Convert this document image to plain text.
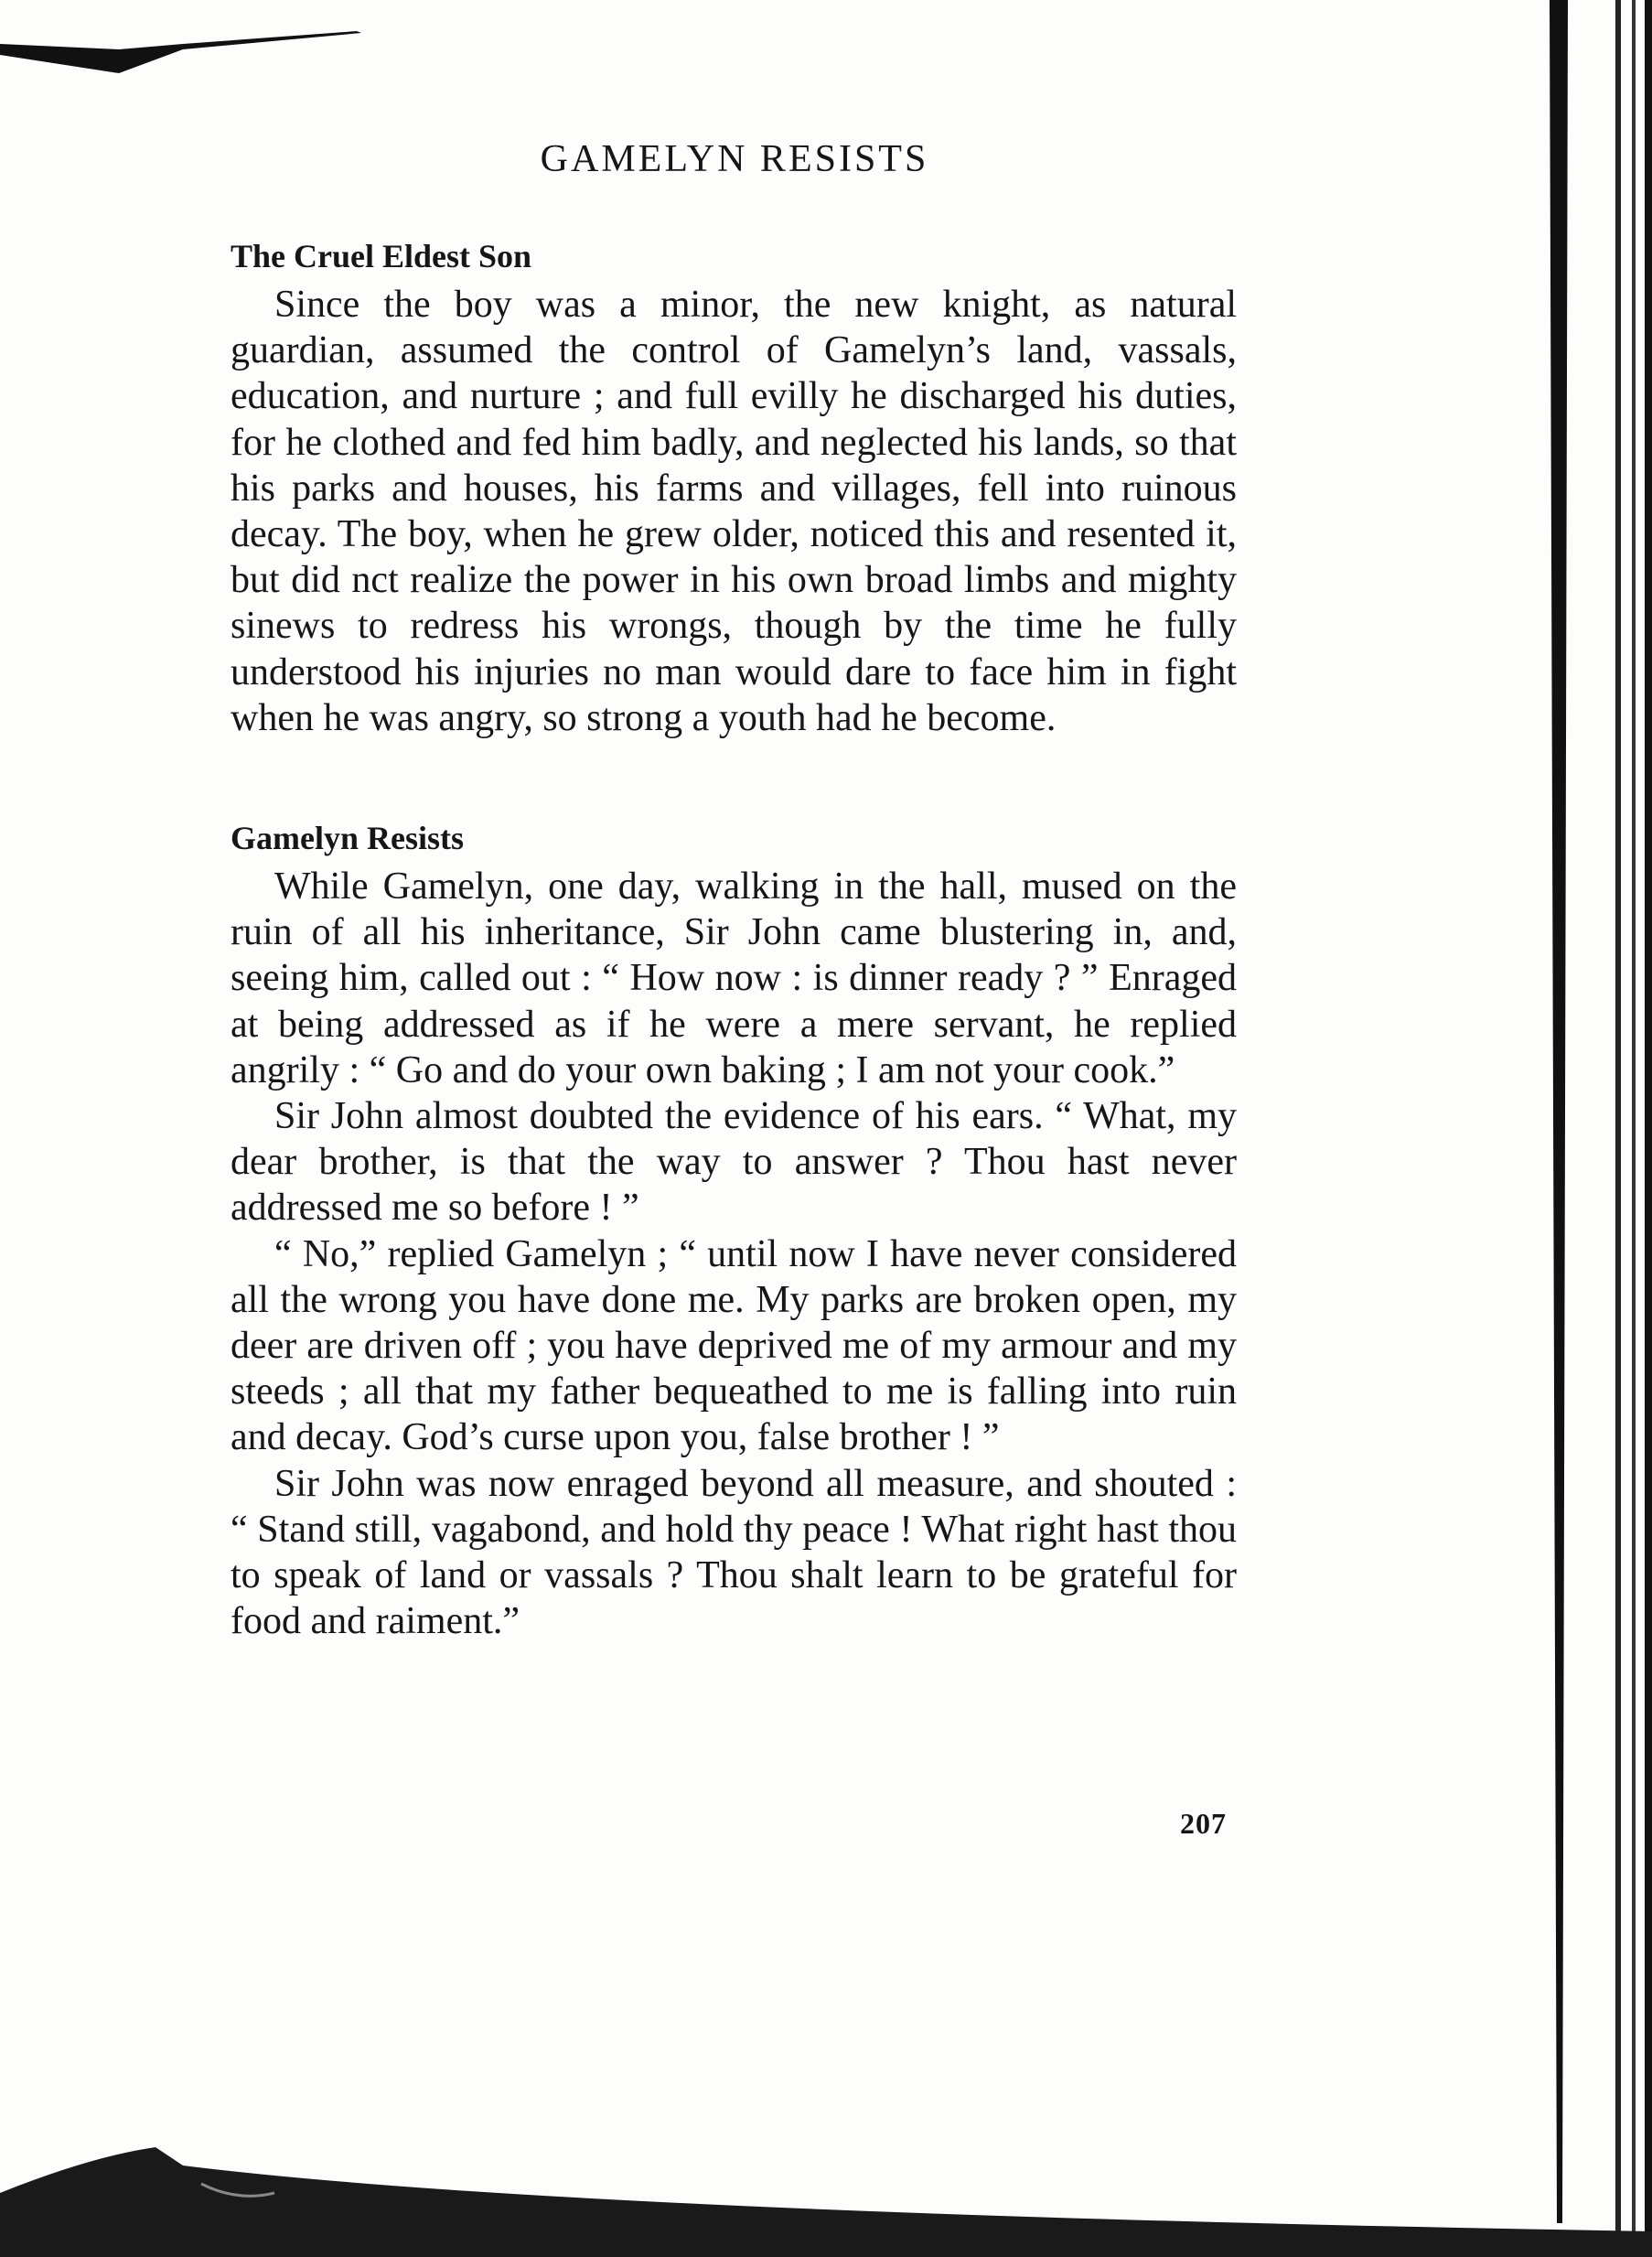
GAMELYN RESISTS
The Cruel Eldest Son

Since the boy was a minor, the new knight, as natural guardian, assumed the control of Gamelyn’s land, vassals, education, and nurture ; and full evilly he discharged his duties, for he clothed and fed him badly, and neglected his lands, so that his parks and houses, his farms and villages, fell into ruinous decay. The boy, when he grew older, noticed this and resented it, but did nct realize the power in his own broad limbs and mighty sinews to redress his wrongs, though by the time he fully understood his injuries no man would dare to face him in fight when he was angry, so strong a youth had he become.

Gamelyn Resists

While Gamelyn, one day, walking in the hall, mused on the ruin of all his inheritance, Sir John came blustering in, and, seeing him, called out : “ How now : is dinner ready ? ” Enraged at being addressed as if he were a mere servant, he replied angrily : “ Go and do your own baking ; I am not your cook.”

Sir John almost doubted the evidence of his ears. “ What, my dear brother, is that the way to answer ? Thou hast never addressed me so before ! ”

“ No,” replied Gamelyn ; “ until now I have never considered all the wrong you have done me. My parks are broken open, my deer are driven off ; you have deprived me of my armour and my steeds ; all that my father bequeathed to me is falling into ruin and decay. God’s curse upon you, false brother ! ”

Sir John was now enraged beyond all measure, and shouted : “ Stand still, vagabond, and hold thy peace ! What right hast thou to speak of land or vassals ? Thou shalt learn to be grateful for food and raiment.”

207
